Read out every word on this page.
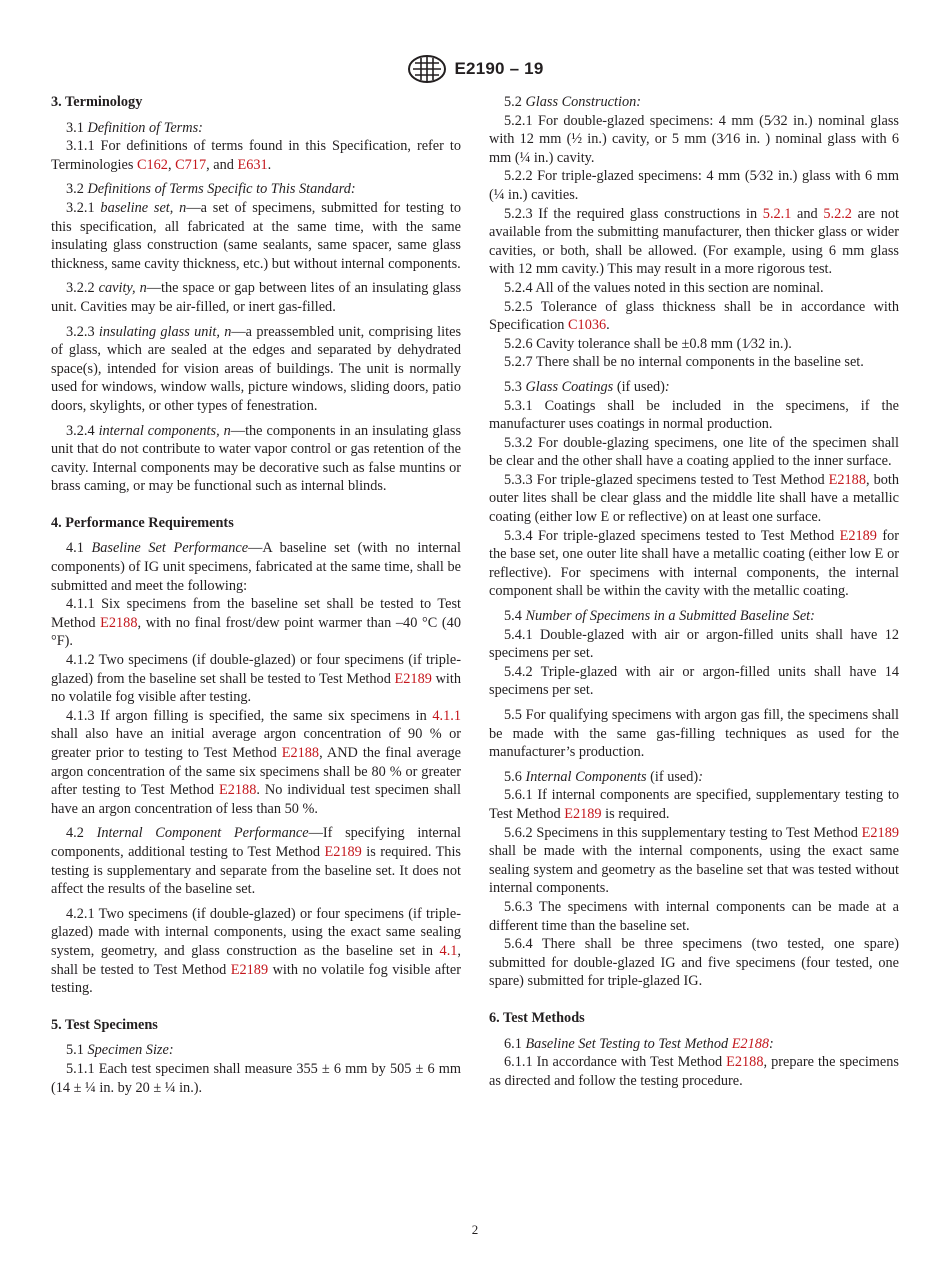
E2190 – 19
3. Terminology

3.1 Definition of Terms:

3.1.1 For definitions of terms found in this Specification, refer to Terminologies C162, C717, and E631.

3.2 Definitions of Terms Specific to This Standard:

3.2.1 baseline set, n—a set of specimens, submitted for testing to this specification, all fabricated at the same time, with the same insulating glass construction (same sealants, same spacer, same glass thickness, same cavity thickness, etc.) but without internal components.

3.2.2 cavity, n—the space or gap between lites of an insulating glass unit. Cavities may be air-filled, or inert gas-filled.

3.2.3 insulating glass unit, n—a preassembled unit, comprising lites of glass, which are sealed at the edges and separated by dehydrated space(s), intended for vision areas of buildings. The unit is normally used for windows, window walls, picture windows, sliding doors, patio doors, skylights, or other types of fenestration.

3.2.4 internal components, n—the components in an insulating glass unit that do not contribute to water vapor control or gas retention of the cavity. Internal components may be decorative such as false muntins or brass caming, or may be functional such as internal blinds.

4. Performance Requirements

4.1 Baseline Set Performance—A baseline set (with no internal components) of IG unit specimens, fabricated at the same time, shall be submitted and meet the following:

4.1.1 Six specimens from the baseline set shall be tested to Test Method E2188, with no final frost/dew point warmer than –40 °C (40 °F).

4.1.2 Two specimens (if double-glazed) or four specimens (if triple-glazed) from the baseline set shall be tested to Test Method E2189 with no volatile fog visible after testing.

4.1.3 If argon filling is specified, the same six specimens in 4.1.1 shall also have an initial average argon concentration of 90 % or greater prior to testing to Test Method E2188, AND the final average argon concentration of the same six specimens shall be 80 % or greater after testing to Test Method E2188. No individual test specimen shall have an argon concentration of less than 50 %.

4.2 Internal Component Performance—If specifying internal components, additional testing to Test Method E2189 is required. This testing is supplementary and separate from the baseline set. It does not affect the results of the baseline set.

4.2.1 Two specimens (if double-glazed) or four specimens (if triple-glazed) made with internal components, using the exact same sealing system, geometry, and glass construction as the baseline set in 4.1, shall be tested to Test Method E2189 with no volatile fog visible after testing.

5. Test Specimens

5.1 Specimen Size:

5.1.1 Each test specimen shall measure 355 ± 6 mm by 505 ± 6 mm (14 ± ¼ in. by 20 ± ¼ in.).

5.2 Glass Construction:

5.2.1 For double-glazed specimens: 4 mm (5⁄32 in.) nominal glass with 12 mm (½ in.) cavity, or 5 mm (3⁄16 in. ) nominal glass with 6 mm (¼ in.) cavity.

5.2.2 For triple-glazed specimens: 4 mm (5⁄32 in.) glass with 6 mm (¼ in.) cavities.

5.2.3 If the required glass constructions in 5.2.1 and 5.2.2 are not available from the submitting manufacturer, then thicker glass or wider cavities, or both, shall be allowed. (For example, using 6 mm glass with 12 mm cavity.) This may result in a more rigorous test.

5.2.4 All of the values noted in this section are nominal.

5.2.5 Tolerance of glass thickness shall be in accordance with Specification C1036.

5.2.6 Cavity tolerance shall be ±0.8 mm (1⁄32 in.).

5.2.7 There shall be no internal components in the baseline set.

5.3 Glass Coatings (if used):

5.3.1 Coatings shall be included in the specimens, if the manufacturer uses coatings in normal production.

5.3.2 For double-glazing specimens, one lite of the specimen shall be clear and the other shall have a coating applied to the inner surface.

5.3.3 For triple-glazed specimens tested to Test Method E2188, both outer lites shall be clear glass and the middle lite shall have a metallic coating (either low E or reflective) on at least one surface.

5.3.4 For triple-glazed specimens tested to Test Method E2189 for the base set, one outer lite shall have a metallic coating (either low E or reflective). For specimens with internal components, the internal component shall be within the cavity with the metallic coating.

5.4 Number of Specimens in a Submitted Baseline Set:

5.4.1 Double-glazed with air or argon-filled units shall have 12 specimens per set.

5.4.2 Triple-glazed with air or argon-filled units shall have 14 specimens per set.

5.5 For qualifying specimens with argon gas fill, the specimens shall be made with the same gas-filling techniques as used for the manufacturer’s production.

5.6 Internal Components (if used):

5.6.1 If internal components are specified, supplementary testing to Test Method E2189 is required.

5.6.2 Specimens in this supplementary testing to Test Method E2189 shall be made with the internal components, using the exact same sealing system and geometry as the baseline set that was tested without internal components.

5.6.3 The specimens with internal components can be made at a different time than the baseline set.

5.6.4 There shall be three specimens (two tested, one spare) submitted for double-glazed IG and five specimens (four tested, one spare) submitted for triple-glazed IG.

6. Test Methods

6.1 Baseline Set Testing to Test Method E2188:

6.1.1 In accordance with Test Method E2188, prepare the specimens as directed and follow the testing procedure.

2
